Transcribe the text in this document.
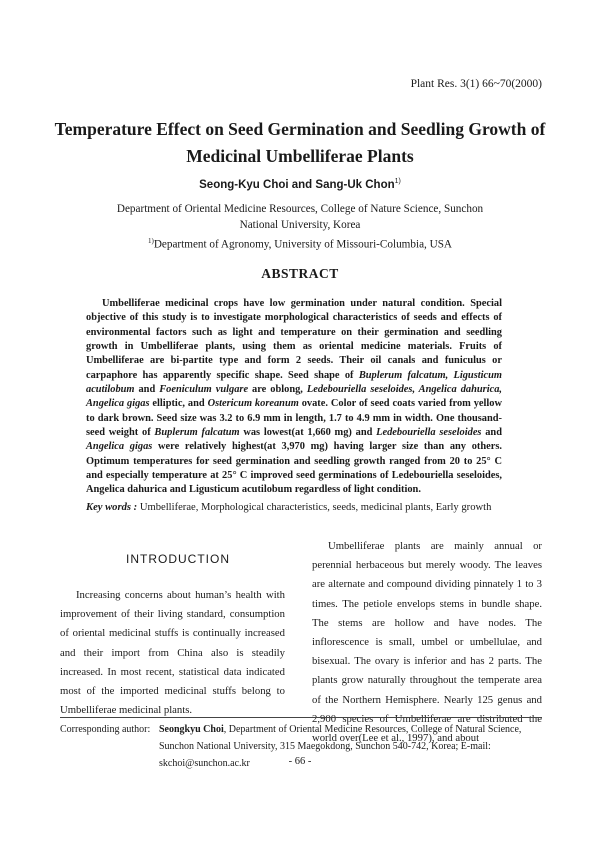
Plant Res. 3(1) 66~70(2000)
Temperature Effect on Seed Germination and Seedling Growth of
Medicinal Umbelliferae Plants
Seong-Kyu Choi and Sang-Uk Chon$^{1)}$
Department of Oriental Medicine Resources, College of Nature Science, Sunchon
National University, Korea
$^{1)}$Department of Agronomy, University of Missouri-Columbia, USA
ABSTRACT

Umbelliferae medicinal crops have low germination under natural condition. Special objective of this study is to investigate morphological characteristics of seeds and effects of environmental factors such as light and temperature on their germination and seedling growth in Umbelliferae plants, using them as oriental medicine materials. Fruits of Umbelliferae are bi-partite type and form 2 seeds. Their oil canals and funiculus or carpaphore has apparently specific shape. Seed shape of Buplerum falcatum, Ligusticum acutilobum and Foeniculum vulgare are oblong, Ledebouriella seseloides, Angelica dahurica, Angelica gigas elliptic, and Ostericum koreanum ovate. Color of seed coats varied from yellow to dark brown. Seed size was 3.2 to 6.9 mm in length, 1.7 to 4.9 mm in width. One thousand-seed weight of Buplerum falcatum was lowest(at 1,660 mg) and Ledebouriella seseloides and Angelica gigas were relatively highest(at 3,970 mg) having larger size than any others. Optimum temperatures for seed germination and seedling growth ranged from 20 to 25° C and especially temperature at 25° C improved seed germinations of Ledebouriella seseloides, Angelica dahurica and Ligusticum acutilobum regardless of light condition.

Key words : Umbelliferae, Morphological characteristics, seeds, medicinal plants, Early growth
INTRODUCTION

Increasing concerns about human’s health with improvement of their living standard, consumption of oriental medicinal stuffs is continually increased and their import from China also is steadily increased. In most recent, statistical data indicated most of the imported medicinal stuffs belong to Umbelliferae medicinal plants.

Umbelliferae plants are mainly annual or perennial herbaceous but merely woody. The leaves are alternate and compound dividing pinnately 1 to 3 times. The petiole envelops stems in bundle shape. The stems are hollow and have nodes. The inflorescence is small, umbel or umbellulae, and bisexual. The ovary is inferior and has 2 parts. The plants grow naturally throughout the temperate area of the Northern Hemisphere. Nearly 125 genus and 2,900 species of Umbelliferae are distributed the world over(Lee et al., 1997), and about

Corresponding author: Seongkyu Choi, Department of Oriental Medicine Resources, College of Natural Science, Sunchon National University, 315 Maegokdong, Sunchon 540-742, Korea; E-mail: skchoi@sunchon.ac.kr	- 66 -
